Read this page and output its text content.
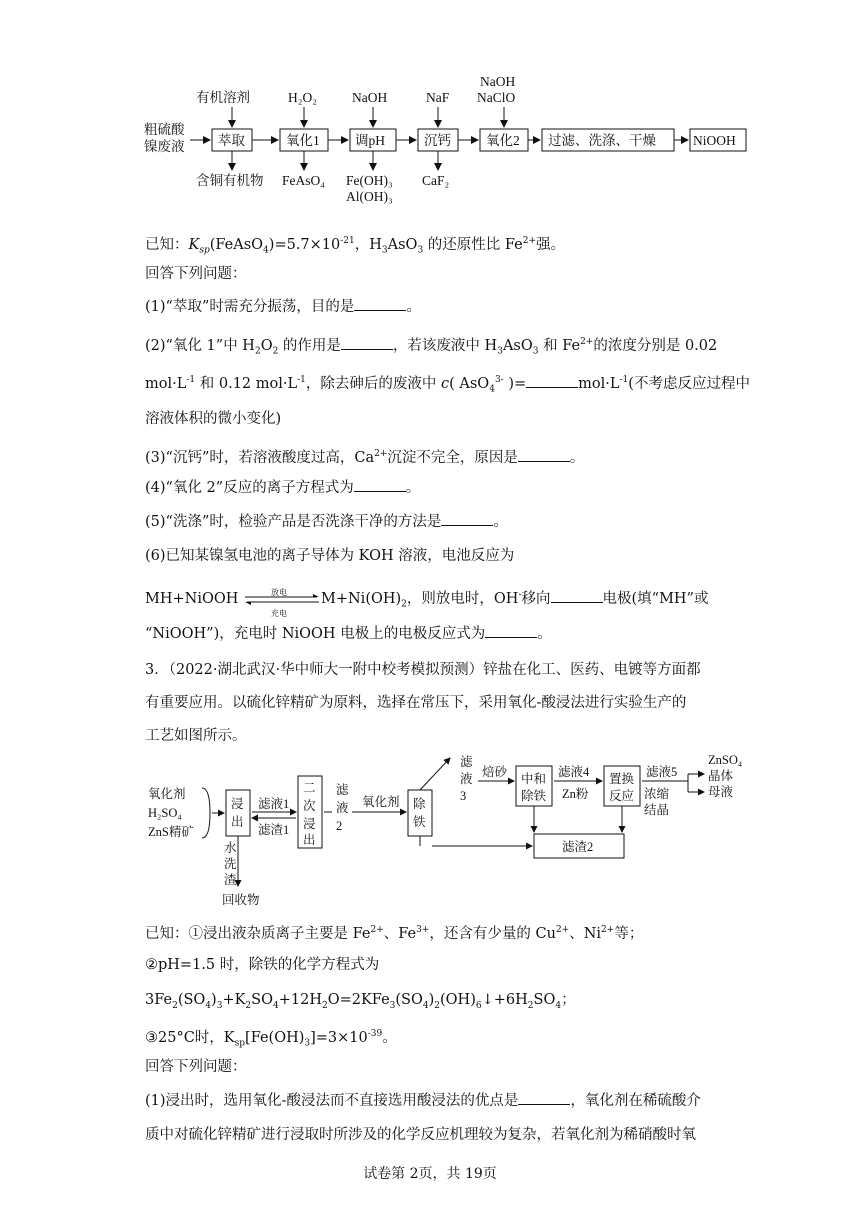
粗硫酸
镍废液 萃取	氧化1	调pH	沉钙	氧化2 过滤、洗涤、干燥	NiOOH
有机溶剂	H₂O₂	NaOH	NaF
NaOH
NaClO
含铜有机物 FeAsO₄ Fe(OH)₃
Al(OH)₃
CaF₂
已知：$K_{sp}(FeAsO_4)=5.7\times 10^{-21}$，$H_3AsO_3$ 的还原性比 $Fe^{2+}$强。
回答下列问题：
(1)“萃取”时需充分振荡，目的是	。
(2)“氧化 1”中 $H_2O_2$ 的作用是	，若该废液中 $H_3AsO_3$ 和 $Fe^{2+}$的浓度分别是 0.02
$mol\cdot L^{-1}$ 和 0.12 $mol\cdot L^{-1}$，除去砷后的废液中 c( AsO$_4^{3-}$ )=	$mol\cdot L^{-1}$(不考虑反应过程中
溶液体积的微小变化)
(3)“沉钙”时，若溶液酸度过高，$Ca^{2+}$沉淀不完全，原因是	。
(4)“氧化 2”反应的离子方程式为	。
(5)“洗涤”时，检验产品是否洗涤干净的方法是	。
(6)已知某镍氢电池的离子导体为 KOH 溶液，电池反应为
MH+NiOOH	放电
充电
$M+Ni(OH)_2$，则放电时，OH-移向	电极(填“MH”或
“NiOOH”)，充电时 NiOOH 电极上的电极反应式为	。
3．（2022·湖北武汉·华中师大一附中校考模拟预测）锌盐在化工、医药、电镀等方面都
有重要应用。以硫化锌精矿为原料，选择在常压下，采用氧化-酸浸法进行实验生产的
工艺如图所示。
氧化剂
H₂SO₄
ZnS精矿
浸
出
滤液1
滤渣1
二
次
浸
出
滤
液
2
氧化剂 除
铁
滤
液
3
焙砂 中和
除铁
滤液4
Zn粉
置换
反应
滤液5
浓缩
结晶
ZnSO₄
晶体
母液
滤渣2
水
洗
渣
回收物
已知：①浸出液杂质离子主要是 $Fe^{2+}$、$Fe^{3+}$，还含有少量的 $Cu^{2+}$、$Ni^{2+}$等；
②pH=1.5 时，除铁的化学方程式为
$3Fe_2(SO_4)_3+K_2SO_4+12H_2O=2KFe_3(SO_4)_2(OH)_6↓+6H_2SO_4$；
③25°C时，$K_{sp}[Fe(OH)_3]=3\times 10^{-39}$。
回答下列问题：
(1)浸出时，选用氧化-酸浸法而不直接选用酸浸法的优点是	，氧化剂在稀硫酸介
质中对硫化锌精矿进行浸取时所涉及的化学反应机理较为复杂，若氧化剂为稀硝酸时氧
试卷第 2页，共 19页
